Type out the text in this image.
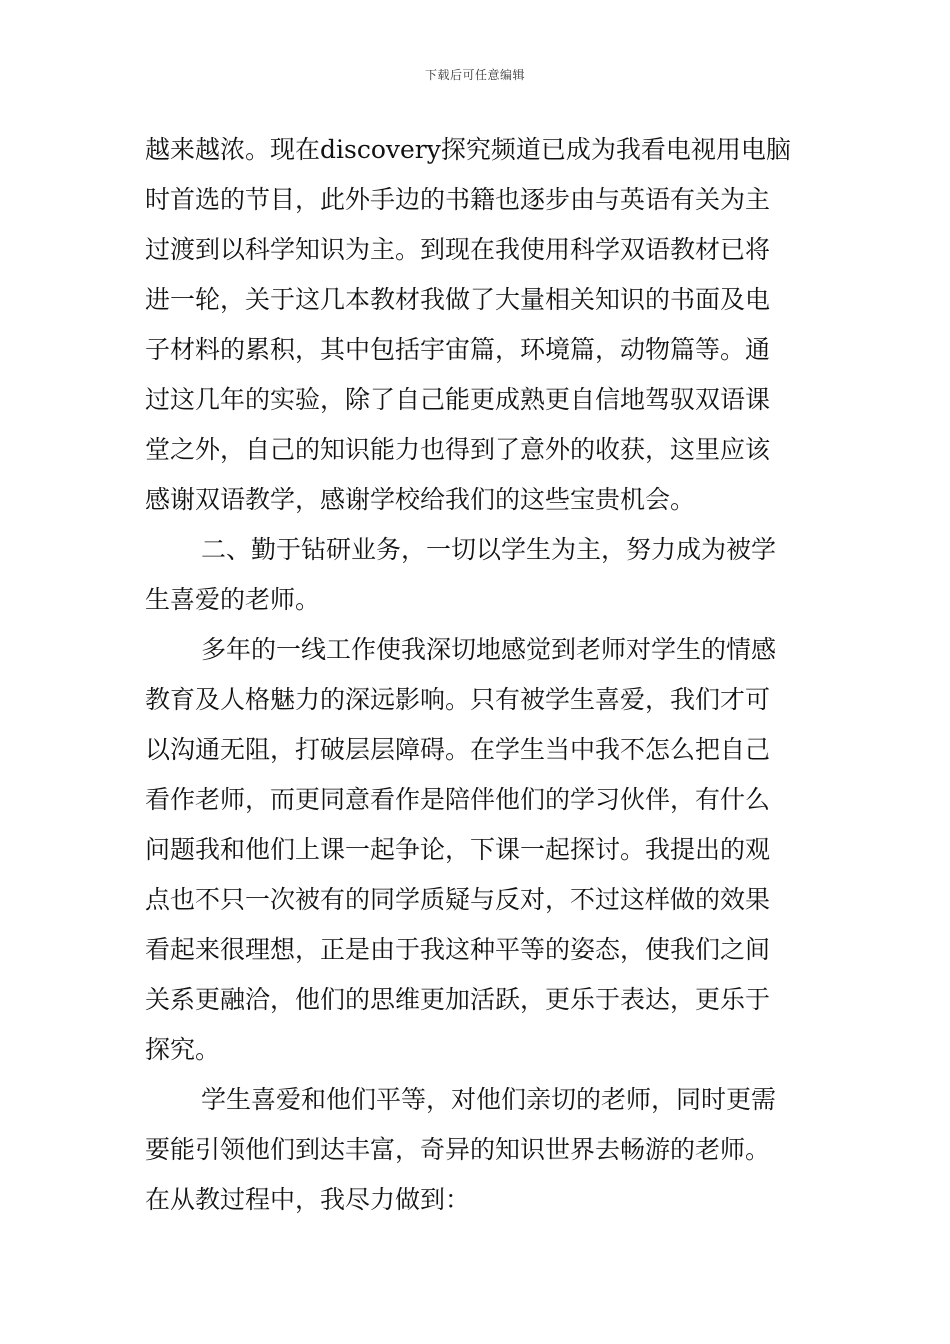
下载后可任意编辑
越来越浓。现在discovery探究频道已成为我看电视用电脑
时首选的节目，此外手边的书籍也逐步由与英语有关为主
过渡到以科学知识为主。到现在我使用科学双语教材已将
进一轮，关于这几本教材我做了大量相关知识的书面及电
子材料的累积，其中包括宇宙篇，环境篇，动物篇等。通
过这几年的实验，除了自己能更成熟更自信地驾驭双语课
堂之外，自己的知识能力也得到了意外的收获，这里应该
感谢双语教学，感谢学校给我们的这些宝贵机会。
二、勤于钻研业务，一切以学生为主，努力成为被学
生喜爱的老师。
多年的一线工作使我深切地感觉到老师对学生的情感
教育及人格魅力的深远影响。只有被学生喜爱，我们才可
以沟通无阻，打破层层障碍。在学生当中我不怎么把自己
看作老师，而更同意看作是陪伴他们的学习伙伴，有什么
问题我和他们上课一起争论，下课一起探讨。我提出的观
点也不只一次被有的同学质疑与反对，不过这样做的效果
看起来很理想，正是由于我这种平等的姿态，使我们之间
关系更融洽，他们的思维更加活跃，更乐于表达，更乐于
探究。
学生喜爱和他们平等，对他们亲切的老师，同时更需
要能引领他们到达丰富，奇异的知识世界去畅游的老师。
在从教过程中，我尽力做到：
